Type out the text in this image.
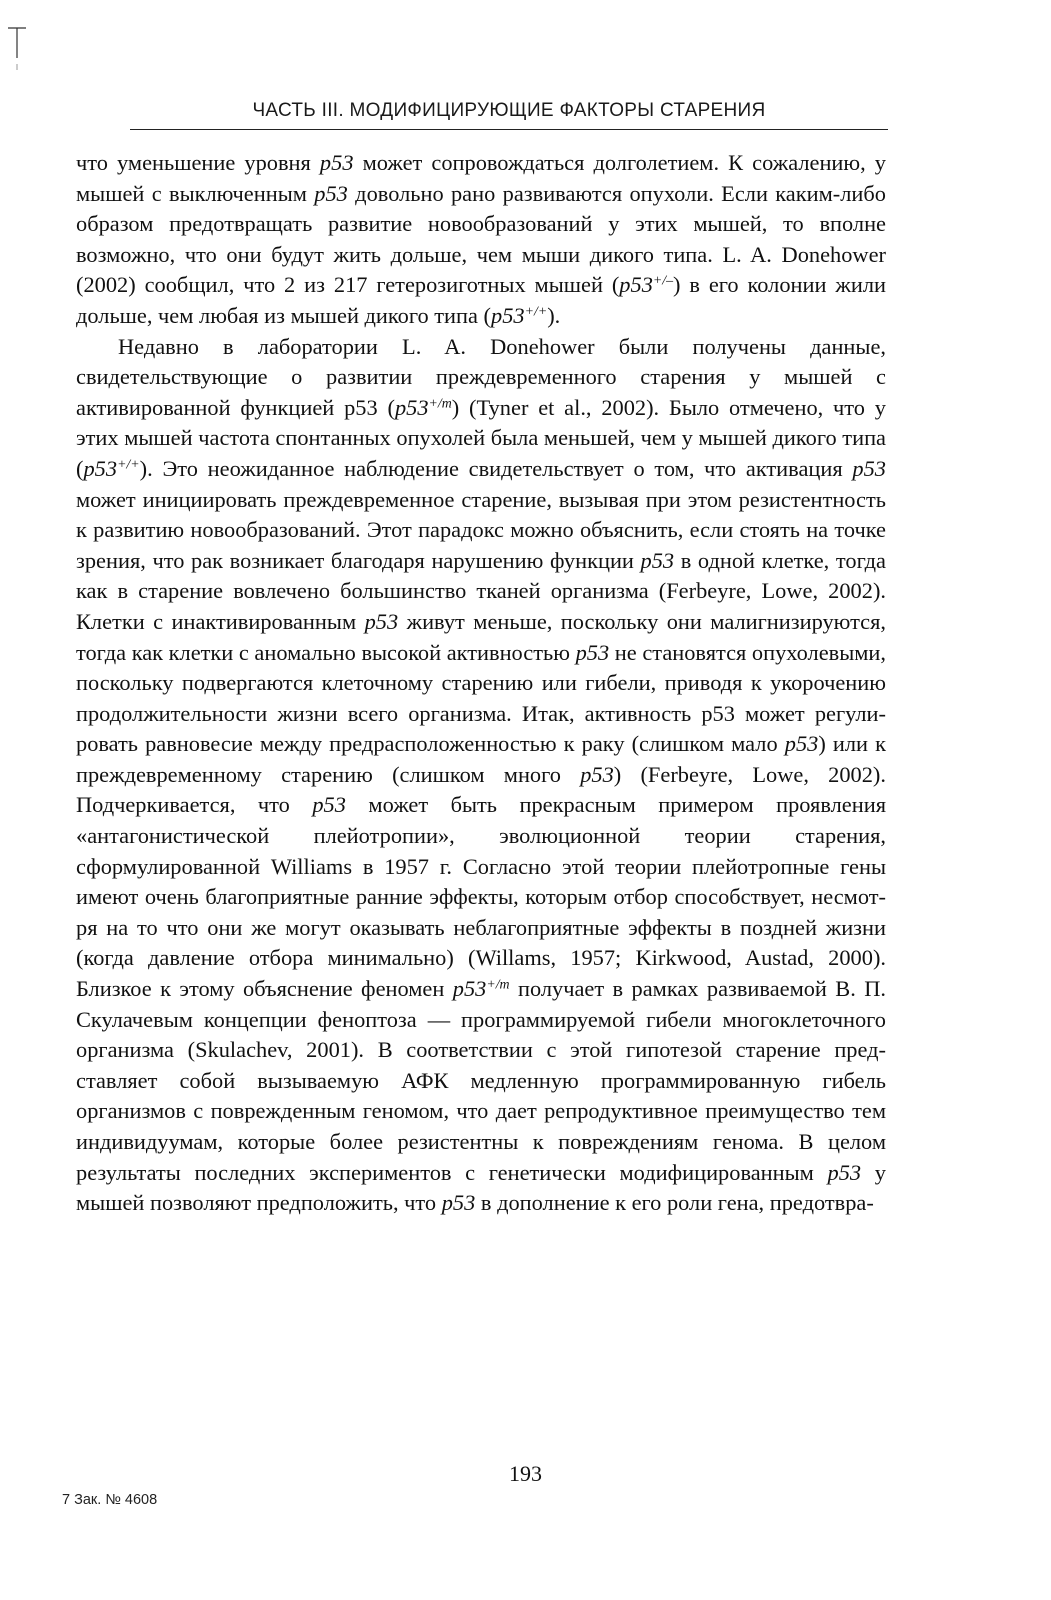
ЧАСТЬ III. МОДИФИЦИРУЮЩИЕ ФАКТОРЫ СТАРЕНИЯ

что уменьшение уровня p53 может сопровождаться долголетием. К сожалению, у мышей с выключенным p53 довольно рано развиваются опухоли. Если каким-либо образом предотвращать развитие новообразований у этих мышей, то вполне возможно, что они будут жить дольше, чем мыши дикого типа. L. A. Donehower (2002) сообщил, что 2 из 217 гетерозиготных мышей (p53+/–) в его колонии жили дольше, чем любая из мышей дикого типа (p53+/+).

Недавно в лаборатории L. A. Donehower были получены данные, свидетельствующие о развитии преждевременного старения у мышей с активированной функцией p53 $(p53^{+/m})$ (Tyner et al., 2002). Было отмечено, что у этих мышей частота спонтанных опухолей была меньшей, чем у мышей дикого типа (p53+/+). Это неожиданное наблюдение свидетельствует о том, что активация p53 может инициировать преждевременное старение, вызывая при этом резистентность к развитию новообразований. Этот парадокс можно объяснить, если стоять на точке зрения, что рак возникает благодаря нарушению функции p53 в одной клетке, тогда как в старение вовлечено большинство тканей организма (Ferbeyre, Lowe, 2002). Клетки с инактивированным p53 живут меньше, поскольку они малигнизируются, тогда как клетки с аномально высокой активностью p53 не становятся опухолевыми, поскольку подвергаются клеточному старению или гибели, приводя к укорочению продолжительности жизни всего организма. Итак, активность p53 может регулировать равновесие между предрасположенностью к раку (слишком мало p53) или к преждевременному старению (слишком много p53) (Ferbeyre, Lowe, 2002). Подчеркивается, что p53 может быть прекрасным примером проявления «антагонистической плейотропии», эволюционной теории старения, сформулированной Williams в 1957 г. Согласно этой теории плейотропные гены имеют очень благоприятные ранние эффекты, которым отбор способствует, несмотря на то что они же могут оказывать неблагоприятные эффекты в поздней жизни (когда давление отбора минимально) (Willams, 1957; Kirkwood, Austad, 2000). Близкое к этому объяснение феномен $p53^{+/m}$ получает в рамках развиваемой В. П. Скулачевым концепции феноптоза — программируемой гибели многоклеточного организма (Skulachev, 2001). В соответствии с этой гипотезой старение представляет собой вызываемую АФК медленную программированную гибель организмов с поврежденным геномом, что дает репродуктивное преимущество тем индивидуумам, которые более резистентны к повреждениям генома. В целом результаты последних экспериментов с генетически модифицированным p53 у мышей позволяют предположить, что p53 в дополнение к его роли гена, предотвра-

193
7 Зак. № 4608
